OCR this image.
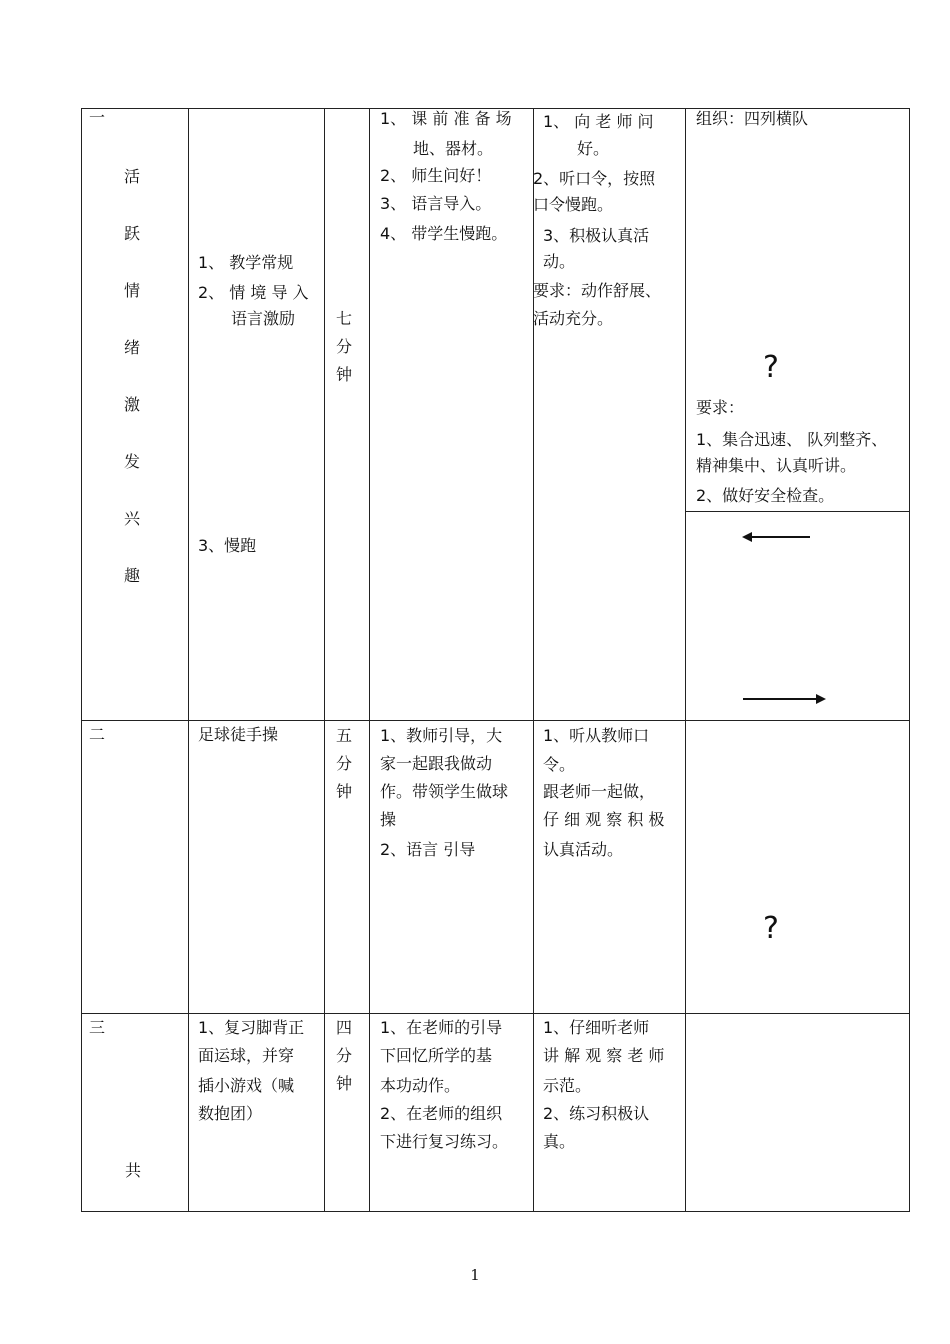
一
活
跃
情
绪
激
发
兴
趣
1、 教学常规
2、 情 境 导 入
语言激励
3、慢跑
七
分
钟
1、 课 前 准 备 场
地、器材。
2、 师生问好！
3、 语言导入。
4、 带学生慢跑。
1、 向 老 师 问
好。
2、听口令，按照
口令慢跑。
3、积极认真活
动。
要求：动作舒展、
活动充分。
组织：四列横队
?
要求：
1、集合迅速、 队列整齐、
精神集中、认真听讲。
2、做好安全检查。
二	足球徒手操	五
分
钟
1、教师引导，大
家一起跟我做动
作。带领学生做球
操
2、语言 引导
1、听从教师口
令。
跟老师一起做，
仔 细 观 察 积 极
认真活动。
?
三
共
1、复习脚背正
面运球，并穿
插小游戏（喊
数抱团）
四
分
钟
1、在老师的引导
下回忆所学的基
本功动作。
2、在老师的组织
下进行复习练习。
1、仔细听老师
讲 解 观 察 老 师
示范。
2、练习积极认
真。
1
